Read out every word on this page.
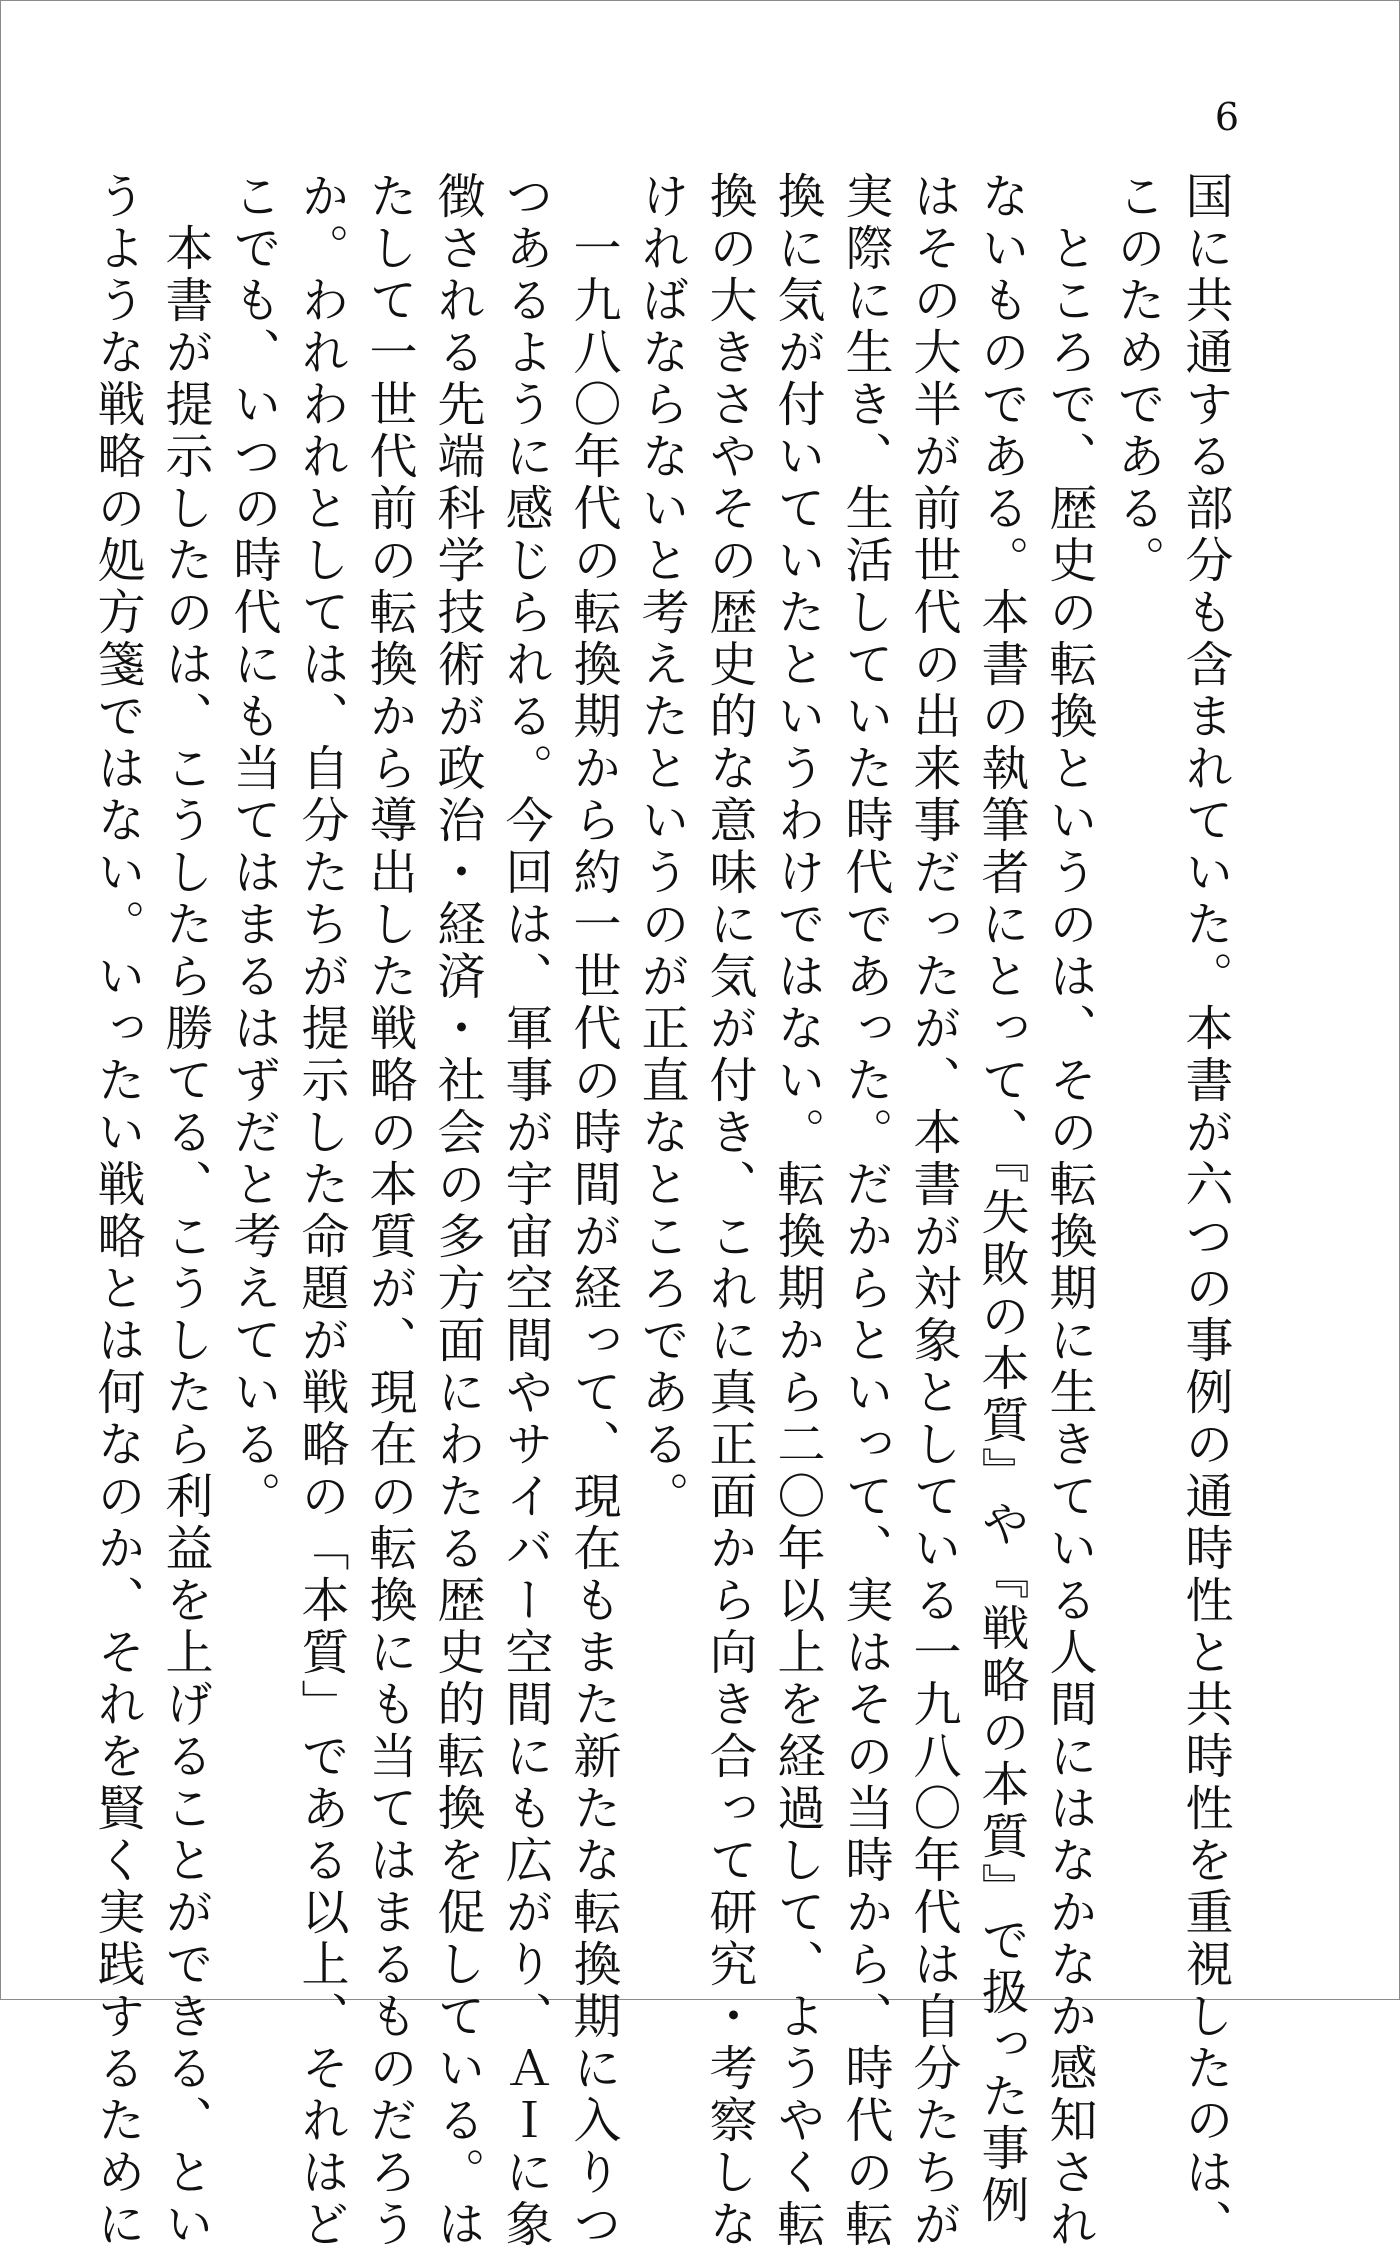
6

国に共通する部分も含まれていた。本書が六つの事例の通時性と共時性を重視したのは、

このためである。

　ところで、歴史の転換というのは、その転換期に生きている人間にはなかなか感知され

ないものである。本書の執筆者にとって、『失敗の本質』や『戦略の本質』で扱った事例

はその大半が前世代の出来事だったが、本書が対象としている一九八〇年代は自分たちが

実際に生き、生活していた時代であった。だからといって、実はその当時から、時代の転

換に気が付いていたというわけではない。転換期から二〇年以上を経過して、ようやく転

換の大きさやその歴史的な意味に気が付き、これに真正面から向き合って研究・考察しな

ければならないと考えたというのが正直なところである。

　一九八〇年代の転換期から約一世代の時間が経って、現在もまた新たな転換期に入りつ

つあるように感じられる。今回は、軍事が宇宙空間やサイバー空間にも広がり、ＡＩに象

徴される先端科学技術が政治・経済・社会の多方面にわたる歴史的転換を促している。は

たして一世代前の転換から導出した戦略の本質が、現在の転換にも当てはまるものだろう

か。われわれとしては、自分たちが提示した命題が戦略の「本質」である以上、それはど

こでも、いつの時代にも当てはまるはずだと考えている。

　本書が提示したのは、こうしたら勝てる、こうしたら利益を上げることができる、とい

うような戦略の処方箋ではない。いったい戦略とは何なのか、それを賢く実践するために
